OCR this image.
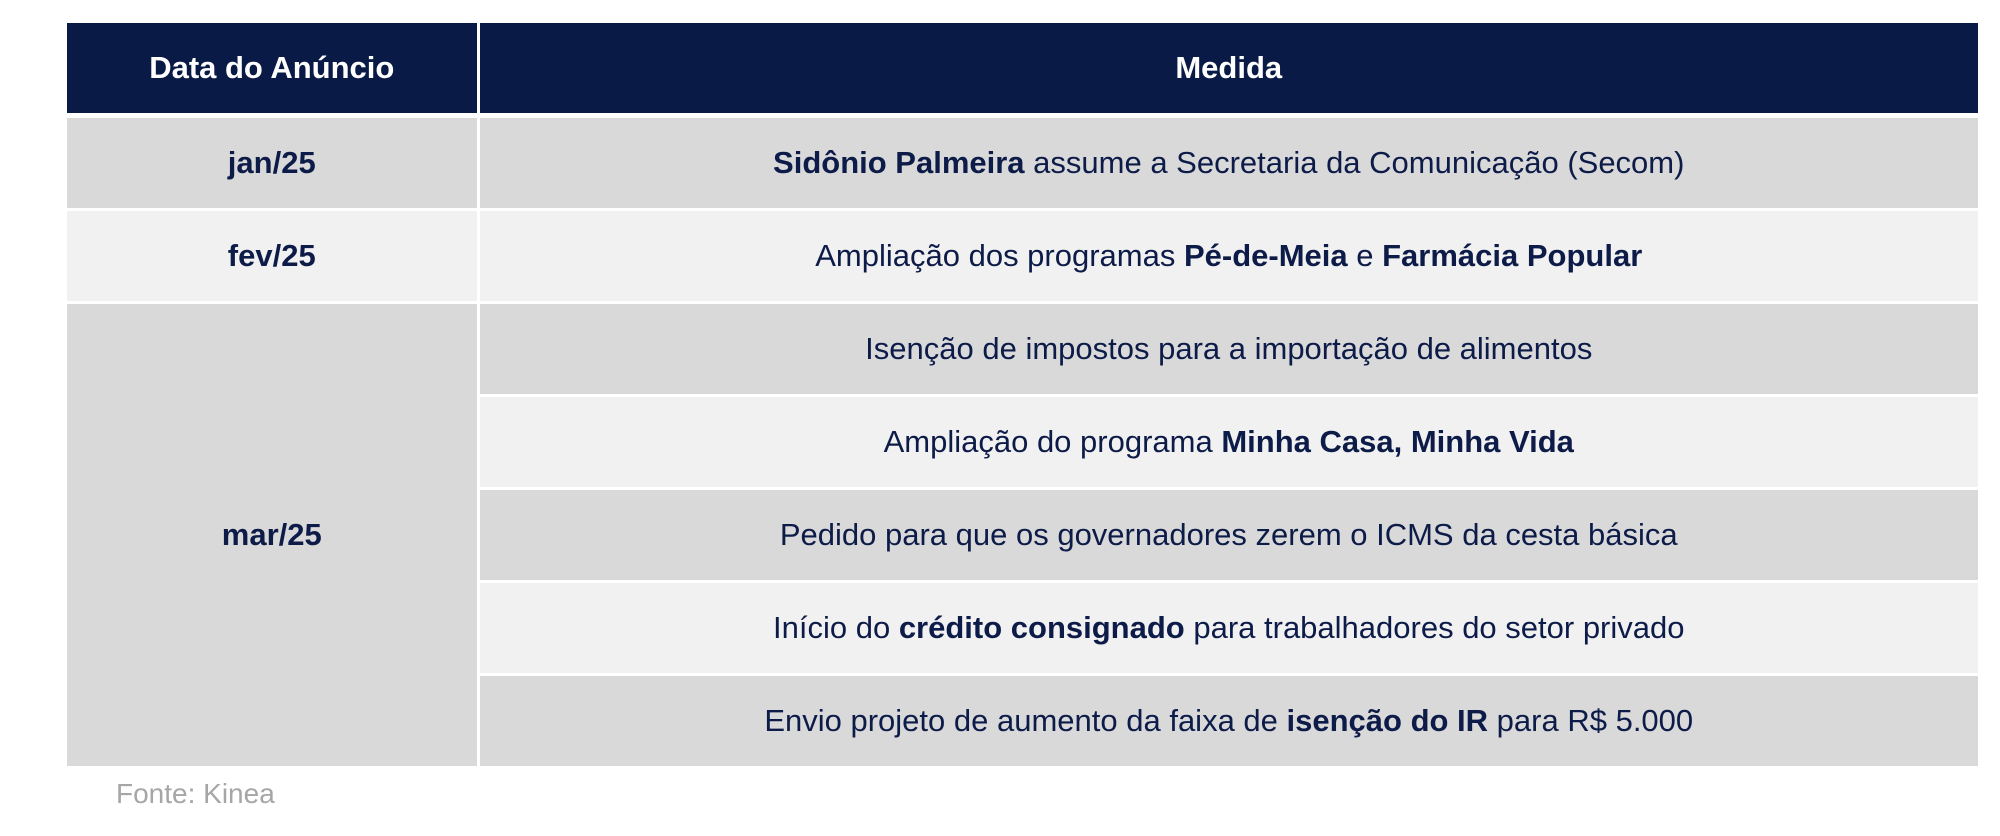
Data do Anúncio	Medida
jan/25	Sidônio Palmeira assume a Secretaria da Comunicação (Secom)
fev/25	Ampliação dos programas Pé-de-Meia e Farmácia Popular
mar/25	Isenção de impostos para a importação de alimentos
	Ampliação do programa Minha Casa, Minha Vida
	Pedido para que os governadores zerem o ICMS da cesta básica
	Início do crédito consignado para trabalhadores do setor privado
	Envio projeto de aumento da faixa de isenção do IR para R$ 5.000
Fonte: Kinea
